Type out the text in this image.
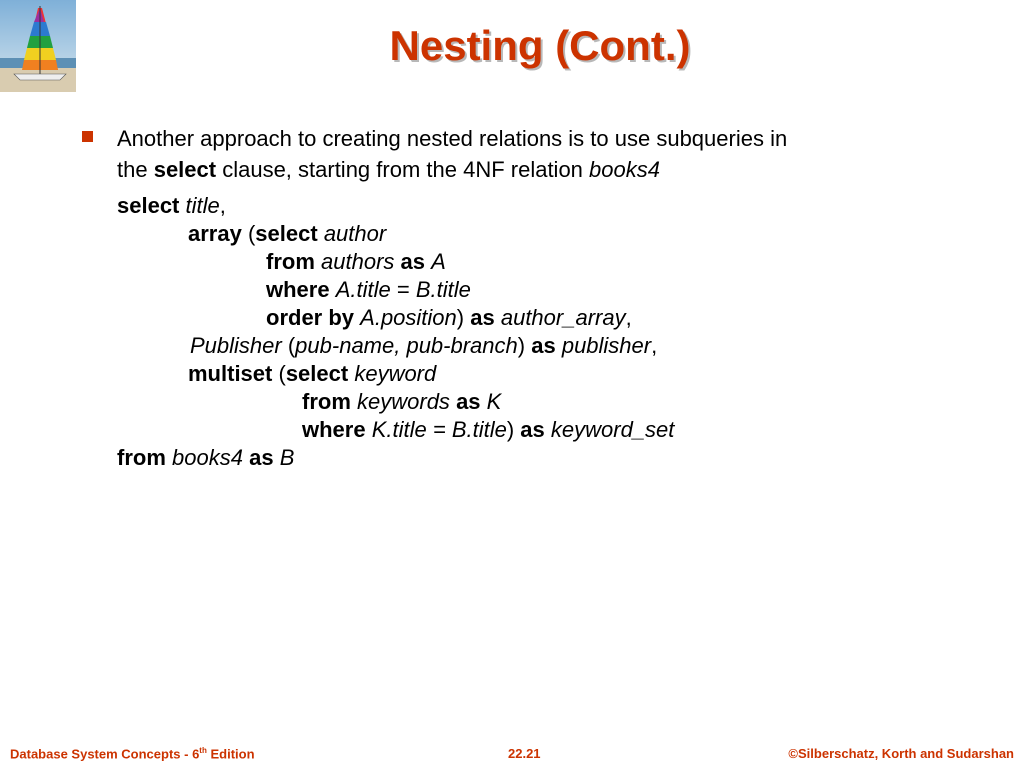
Nesting (Cont.)

Another approach to creating nested relations is to use subqueries in
the select clause, starting from the 4NF relation books4

select title,
array (select author
from authors as A
where A.title = B.title
order by A.position) as author_array,
Publisher (pub-name, pub-branch) as publisher,
multiset (select keyword
from keywords as K
where K.title = B.title) as keyword_set
from books4 as B
Database System Concepts - 6th Edition	22.21	©Silberschatz, Korth and Sudarshan
